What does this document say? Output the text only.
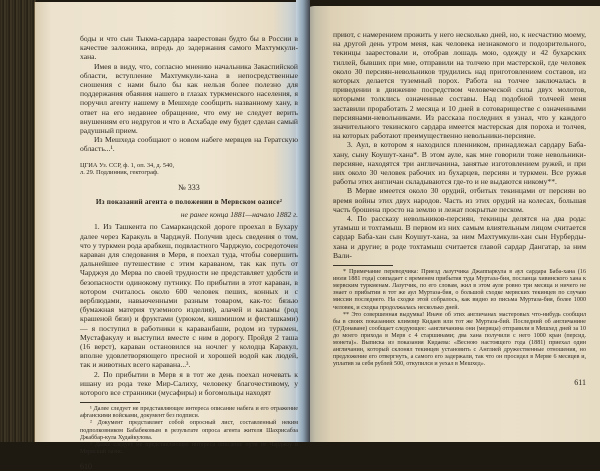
боды и что сын Тыкма-сардара заарестован будто бы в России в качестве заложника, впредь до задержания самого Махтумкули-хана.

Имея в виду, что, согласно мнению начальника Закаспийской области, вступление Махтумкули-хана в непосредственные сношения с нами было бы как нельзя более полезно для поддержания обаяния нашего в глазах туркменского населения, я поручил агенту нашему в Мешхеде сообщить названному хану, в ответ на его недавнее обращение, что ему не следует верить внушениям его недругов и что в Асхабаде ему будет сделан самый радушный прием.

Из Мешхеда сообщают о новом набеге мервцев на Гератскую область...¹.

ЦГИА Уз. ССР, ф. 1, оп. 34, д. 540,

л. 29. Подлинник, гектограф.

№ 333

Из показаний агента о положении в Мервском оазисе²

не ранее конца 1881—начало 1882 г.

1. Из Ташкента по Самаркандской дороге проехал в Бухару далее через Каракуль в Чарджуй. Получив здесь сведения о том, что у туркмен рода арабкеш, подвластного Чарджую, сосредоточен караван для следования в Мерв, я поехал туда, чтобы совершить дальнейшее путешествие с этим караваном, так как путь от Чарджуя до Мерва по своей трудности не представляет удобств и безопасности одинокому путнику. По прибытии в этот караван, в котором считалось около 600 человек пеших, конных и с верблюдами, навьюченными разным товаром, как-то: бязью (бумажная материя туземного изделия), алачей и каламы (род крашеной бязи) и фруктами (урюком, кишмишом и фисташками) — я поступил в работники к караванбаши, родом из туркмен, Мустафакулу и выступил вместе с ним в дорогу. Пройдя 2 таша (16 верст), караван остановился на ночлег у колодца Каракул, вполне удовлетворяющего пресной и хорошей водой как людей, так и животных всего каравана...³.

2. По прибытии в Мерв я в тот же день поехал ночевать к ишану из рода теке Мир-Салиху, человеку благочестивому, у которого все странники (мусафиры) и богомольцы находят

¹ Далее следует не представляющее интереса описание набега и его отражение афганскими войсками, документ без подписи.

² Документ представляет собой опросный лист, составленный неким подполковником Бабабековым в результате опроса агента жителя Шахрисабза Джаббар-кула Худайкулова.

³ Далее следует не представляющее интереса описание пути от Чарджоу в Мервский оазис.

610

приют, с намерением прожить у него несколько дней, но, к несчастию моему, на другой день утром меня, как человека незнакомого и подозрительного, текинцы заарестовали и, отобрав лошадь мою, одежду и 42 бухарских тиллей, бывших при мне, отправили на толчею при мастерской, где человек около 30 персиян-невольников трудились над приготовлением составов, из которых делается туземный порох. Работа на толчее заключалась в приведении в движение посредством человеческой силы двух молотов, которыми толклись означенные составы. Над подобной толчеей меня заставили проработать 2 месяца и 10 дней в сотовариществе с означенными персиянами-невольниками. Из рассказа последних я узнал, что у каждого значительного текинского сардара имеется мастерская для пороха и толчея, на которых работают преимущественно невольники-персияне.

3. Аул, в котором я находился пленником, принадлежал сардару Баба-хану, сыну Коушут-хана*. В этом ауле, как мне говорили тоже невольники-персияне, находятся три англичанина, занятые изготовлением ружей, и при них около 30 человек рабочих из бухарцев, персиян и туркмен. Все ружья работы этих англичан складываются где-то и не выдаются никому**.

В Мерве имеется около 30 орудий, отбитых текинцами от персиян во время войны этих двух народов. Часть из этих орудий на колесах, большая часть брошена просто на землю и лежат покрытые песком.

4. По рассказу невольников-персиян, текинцы делятся на два рода: утамыш и тохтамыш. В первом из них самым влиятельным лицом считается сардар Баба-хан сын Коушут-хана, за ним Махтумкули-хан сын Нурберды-хана и другие; в роде тохтамыш считается главой сардар Дангатар, за ним Вали-

* Примечание переводчика: Приезд лазутчика Джаппаркула в аул сардара Баба-хана (16 июля 1881 года) совпадает с временем прибытия туда Муртаза-бия, посланца хивинского хана к мервским туркменам. Лазутчик, по его словам, жил в этом ауле ровно три месяца и ничего не знает о прибытии в тот же аул Муртаза-бия, о большой сходке мервских текинцев по случаю миссии последнего. На сходке этой собралось, как видно из письма Муртаза-бия, более 1000 человек, и сходка продолжалась несколько дней.

** Это совершенная выдумка! Иначе об этих англичанах мастеровых что-нибудь сообщил бы в своих показаниях климзир Кидаев или тот же Муртаза-бий. Последний об англичанине (О'Донаване) сообщает следующее: «англичанина они (мервцы) отправили в Мешхед дней за 10 до моего прихода в Мерв с 4 старшинами; два хана получили с него 1000 кран (персид. монета)». Выписка из показания Кидаева: «Весною настоящего года (1881) приехал один англичанин, который склонял текинцев установить с Англией дружественные отношения, но предложение его отвергнуть, а самого его задержали, так что он просидел в Мерве 6 месяцев и, уплатив за себя рублей 500, откупился и уехал в Мешхед».

611
